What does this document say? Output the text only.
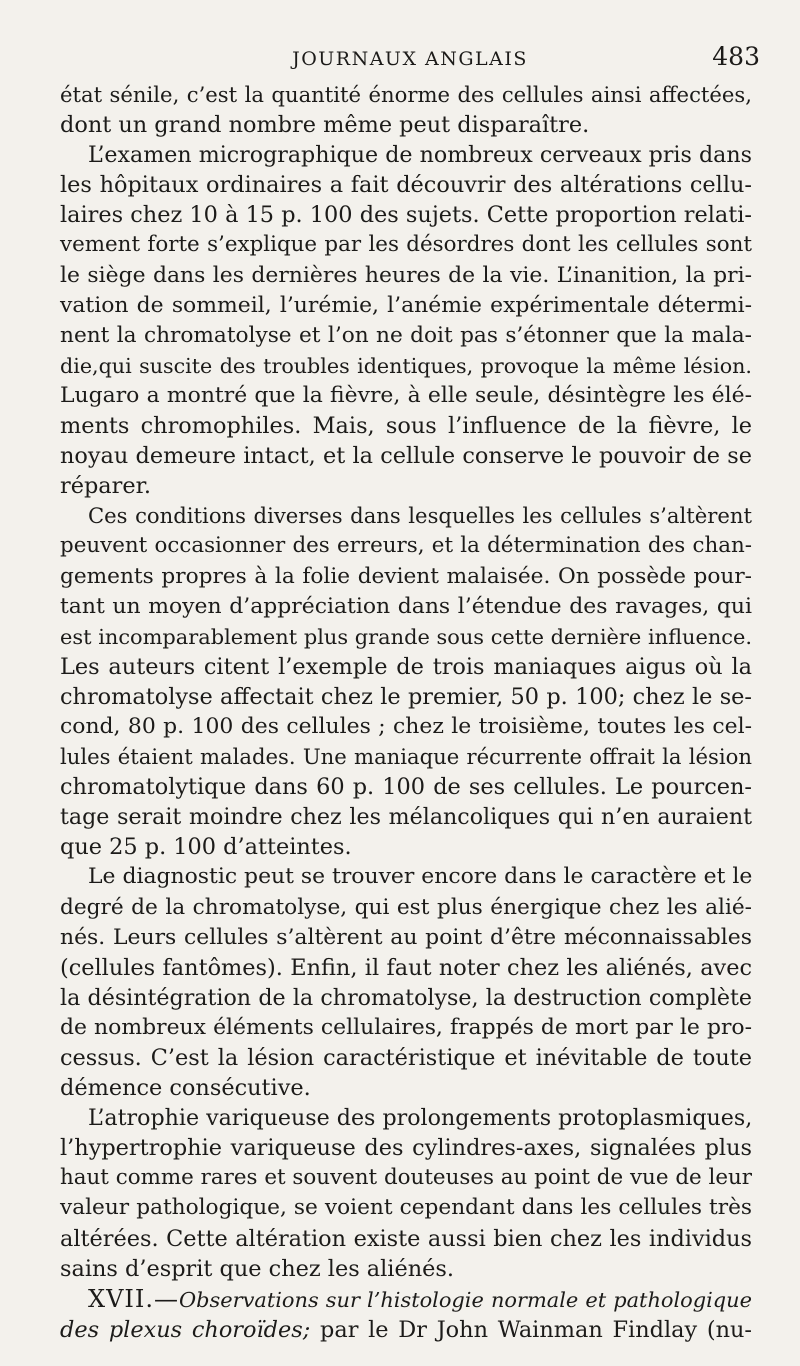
JOURNAUX ANGLAIS	483

état sénile, c’est la quantité énorme des cellules ainsi affectées,
dont un grand nombre même peut disparaître.

L’examen micrographique de nombreux cerveaux pris dans
les hôpitaux ordinaires a fait découvrir des altérations cellu-
laires chez 10 à 15 p. 100 des sujets. Cette proportion relati-
vement forte s’explique par les désordres dont les cellules sont
le siège dans les dernières heures de la vie. L’inanition, la pri-
vation de sommeil, l’urémie, l’anémie expérimentale détermi-
nent la chromatolyse et l’on ne doit pas s’étonner que la mala-
die,qui suscite des troubles identiques, provoque la même lésion.
Lugaro a montré que la fièvre, à elle seule, désintègre les élé-
ments chromophiles. Mais, sous l’influence de la fièvre, le
noyau demeure intact, et la cellule conserve le pouvoir de se
réparer.

Ces conditions diverses dans lesquelles les cellules s’altèrent
peuvent occasionner des erreurs, et la détermination des chan-
gements propres à la folie devient malaisée. On possède pour-
tant un moyen d’appréciation dans l’étendue des ravages, qui
est incomparablement plus grande sous cette dernière influence.
Les auteurs citent l’exemple de trois maniaques aigus où la
chromatolyse affectait chez le premier, 50 p. 100; chez le se-
cond, 80 p. 100 des cellules ; chez le troisième, toutes les cel-
lules étaient malades. Une maniaque récurrente offrait la lésion
chromatolytique dans 60 p. 100 de ses cellules. Le pourcen-
tage serait moindre chez les mélancoliques qui n’en auraient
que 25 p. 100 d’atteintes.

Le diagnostic peut se trouver encore dans le caractère et le
degré de la chromatolyse, qui est plus énergique chez les alié-
nés. Leurs cellules s’altèrent au point d’être méconnaissables
(cellules fantômes). Enfin, il faut noter chez les aliénés, avec
la désintégration de la chromatolyse, la destruction complète
de nombreux éléments cellulaires, frappés de mort par le pro-
cessus. C’est la lésion caractéristique et inévitable de toute
démence consécutive.

L’atrophie variqueuse des prolongements protoplasmiques,
l’hypertrophie variqueuse des cylindres-axes, signalées plus
haut comme rares et souvent douteuses au point de vue de leur
valeur pathologique, se voient cependant dans les cellules très
altérées. Cette altération existe aussi bien chez les individus
sains d’esprit que chez les aliénés.

XVII.—Observations sur l’histologie normale et pathologique
des plexus choroïdes; par le Dr John Wainman Findlay (nu-
